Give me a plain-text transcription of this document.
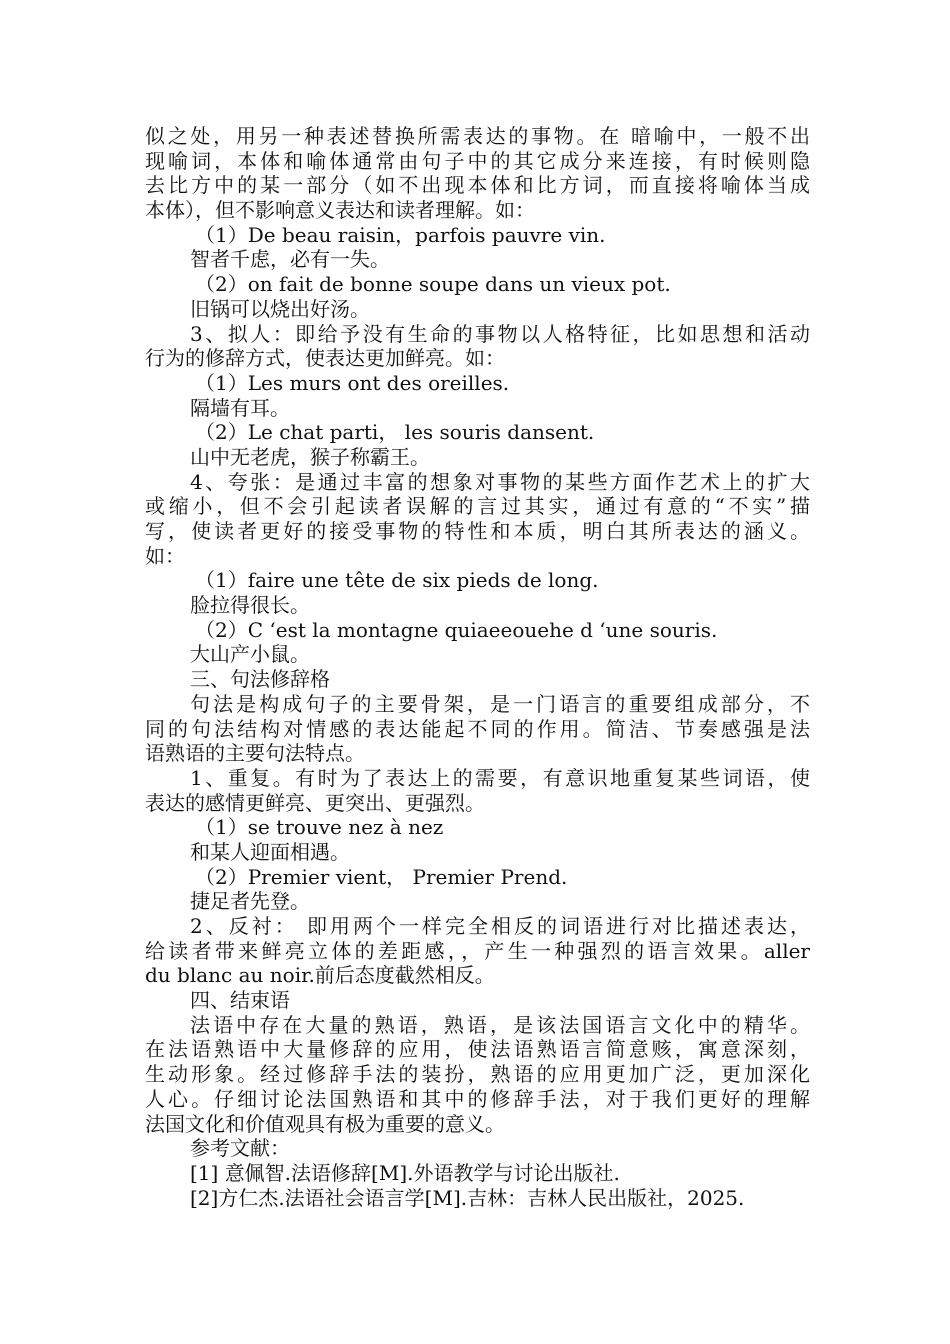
似之处，用另一种表述替换所需表达的事物。在 暗喻中，一般不出
现喻词，本体和喻体通常由句子中的其它成分来连接，有时候则隐
去比方中的某一部分（如不出现本体和比方词，而直接将喻体当成
本体），但不影响意义表达和读者理解。如：
（1）De beau raisin，parfois pauvre vin.
智者千虑，必有一失。
（2）on fait de bonne soupe dans un vieux pot.
旧锅可以烧出好汤。
3、拟人：即给予没有生命的事物以人格特征，比如思想和活动
行为的修辞方式，使表达更加鲜亮。如：
（1）Les murs ont des oreilles.
隔墙有耳。
（2）Le chat parti， les souris dansent.
山中无老虎，猴子称霸王。
4、夸张：是通过丰富的想象对事物的某些方面作艺术上的扩大
或缩小，但不会引起读者误解的言过其实，通过有意的“不实”描
写，使读者更好的接受事物的特性和本质，明白其所表达的涵义。
如：
（1）faire une tête de six pieds de long.
脸拉得很长。
（2）C ‘est la montagne quiaeeouehe d ‘une souris.
大山产小鼠。
三、句法修辞格
句法是构成句子的主要骨架，是一门语言的重要组成部分，不
同的句法结构对情感的表达能起不同的作用。简洁、节奏感强是法
语熟语的主要句法特点。
1、重复。有时为了表达上的需要，有意识地重复某些词语，使
表达的感情更鲜亮、更突出、更强烈。
（1）se trouve nez à nez
和某人迎面相遇。
（2）Premier vient， Premier Prend.
捷足者先登。
2、反衬： 即用两个一样完全相反的词语进行对比描述表达，
给读者带来鲜亮立体的差距感，，产生一种强烈的语言效果。aller
du blanc au noir.前后态度截然相反。
四、结束语
法语中存在大量的熟语，熟语，是该法国语言文化中的精华。
在法语熟语中大量修辞的应用，使法语熟语言简意赅，寓意深刻，
生动形象。经过修辞手法的装扮，熟语的应用更加广泛，更加深化
人心。仔细讨论法国熟语和其中的修辞手法，对于我们更好的理解
法国文化和价值观具有极为重要的意义。
参考文献：
[1] 意佩智.法语修辞[M].外语教学与讨论出版社.
[2]方仁杰.法语社会语言学[M].吉林：吉林人民出版社，2025.
